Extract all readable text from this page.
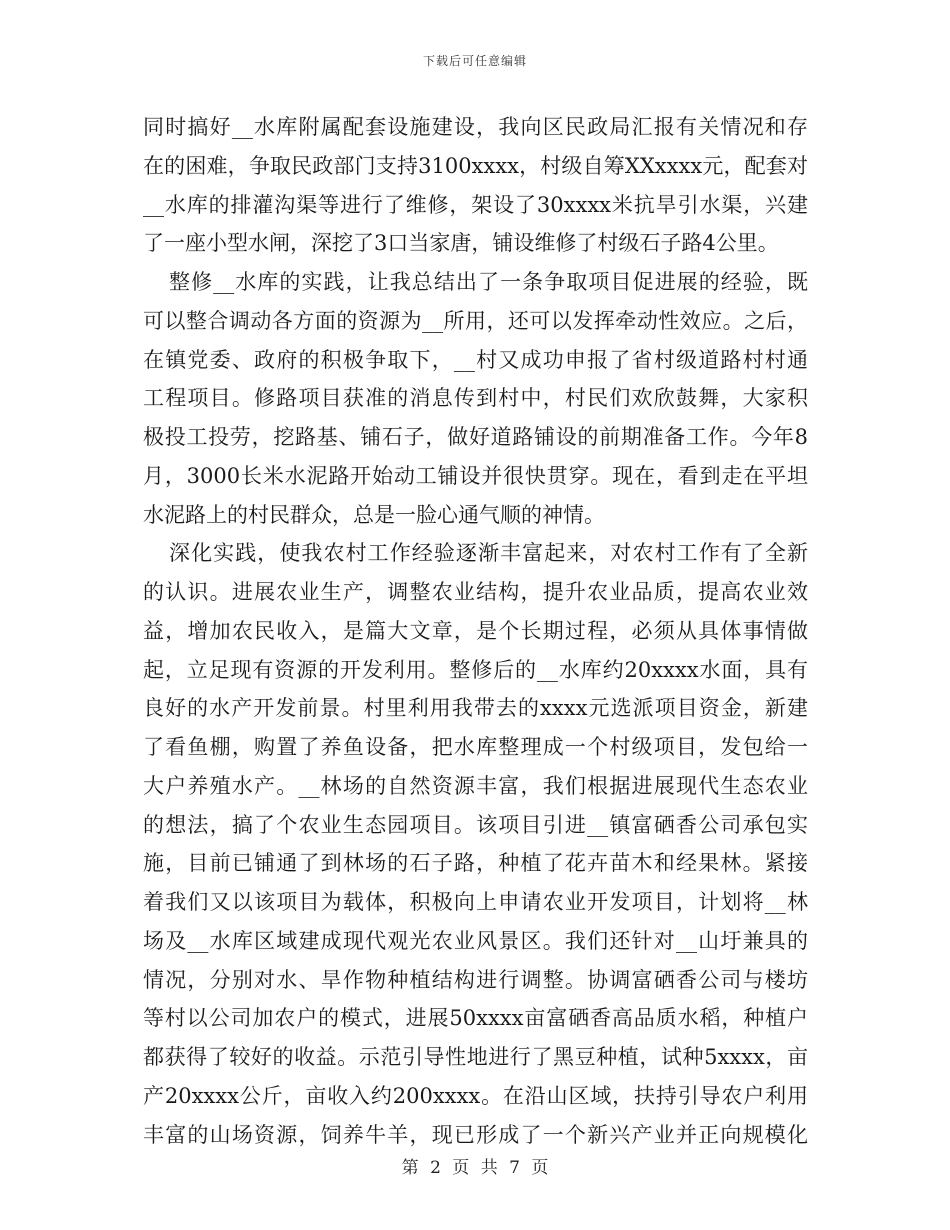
下载后可任意编辑
同时搞好__水库附属配套设施建设，我向区民政局汇报有关情况和存
在的困难，争取民政部门支持3100xxxx，村级自筹XXxxxx元，配套对
__水库的排灌沟渠等进行了维修，架设了30xxxx米抗旱引水渠，兴建
了一座小型水闸，深挖了3口当家唐，铺设维修了村级石子路4公里。
整修__水库的实践，让我总结出了一条争取项目促进展的经验，既
可以整合调动各方面的资源为__所用，还可以发挥牵动性效应。之后，
在镇党委、政府的积极争取下，__村又成功申报了省村级道路村村通
工程项目。修路项目获准的消息传到村中，村民们欢欣鼓舞，大家积
极投工投劳，挖路基、铺石子，做好道路铺设的前期准备工作。今年8
月，3000长米水泥路开始动工铺设并很快贯穿。现在，看到走在平坦
水泥路上的村民群众，总是一脸心通气顺的神情。
深化实践，使我农村工作经验逐渐丰富起来，对农村工作有了全新
的认识。进展农业生产，调整农业结构，提升农业品质，提高农业效
益，增加农民收入，是篇大文章，是个长期过程，必须从具体事情做
起，立足现有资源的开发利用。整修后的__水库约20xxxx水面，具有
良好的水产开发前景。村里利用我带去的xxxx元选派项目资金，新建
了看鱼棚，购置了养鱼设备，把水库整理成一个村级项目，发包给一
大户养殖水产。__林场的自然资源丰富，我们根据进展现代生态农业
的想法，搞了个农业生态园项目。该项目引进__镇富硒香公司承包实
施，目前已铺通了到林场的石子路，种植了花卉苗木和经果林。紧接
着我们又以该项目为载体，积极向上申请农业开发项目，计划将__林
场及__水库区域建成现代观光农业风景区。我们还针对__山圩兼具的
情况，分别对水、旱作物种植结构进行调整。协调富硒香公司与楼坊
等村以公司加农户的模式，进展50xxxx亩富硒香高品质水稻，种植户
都获得了较好的收益。示范引导性地进行了黑豆种植，试种5xxxx，亩
产20xxxx公斤，亩收入约200xxxx。在沿山区域，扶持引导农户利用
丰富的山场资源，饲养牛羊，现已形成了一个新兴产业并正向规模化
第 2 页 共 7 页
